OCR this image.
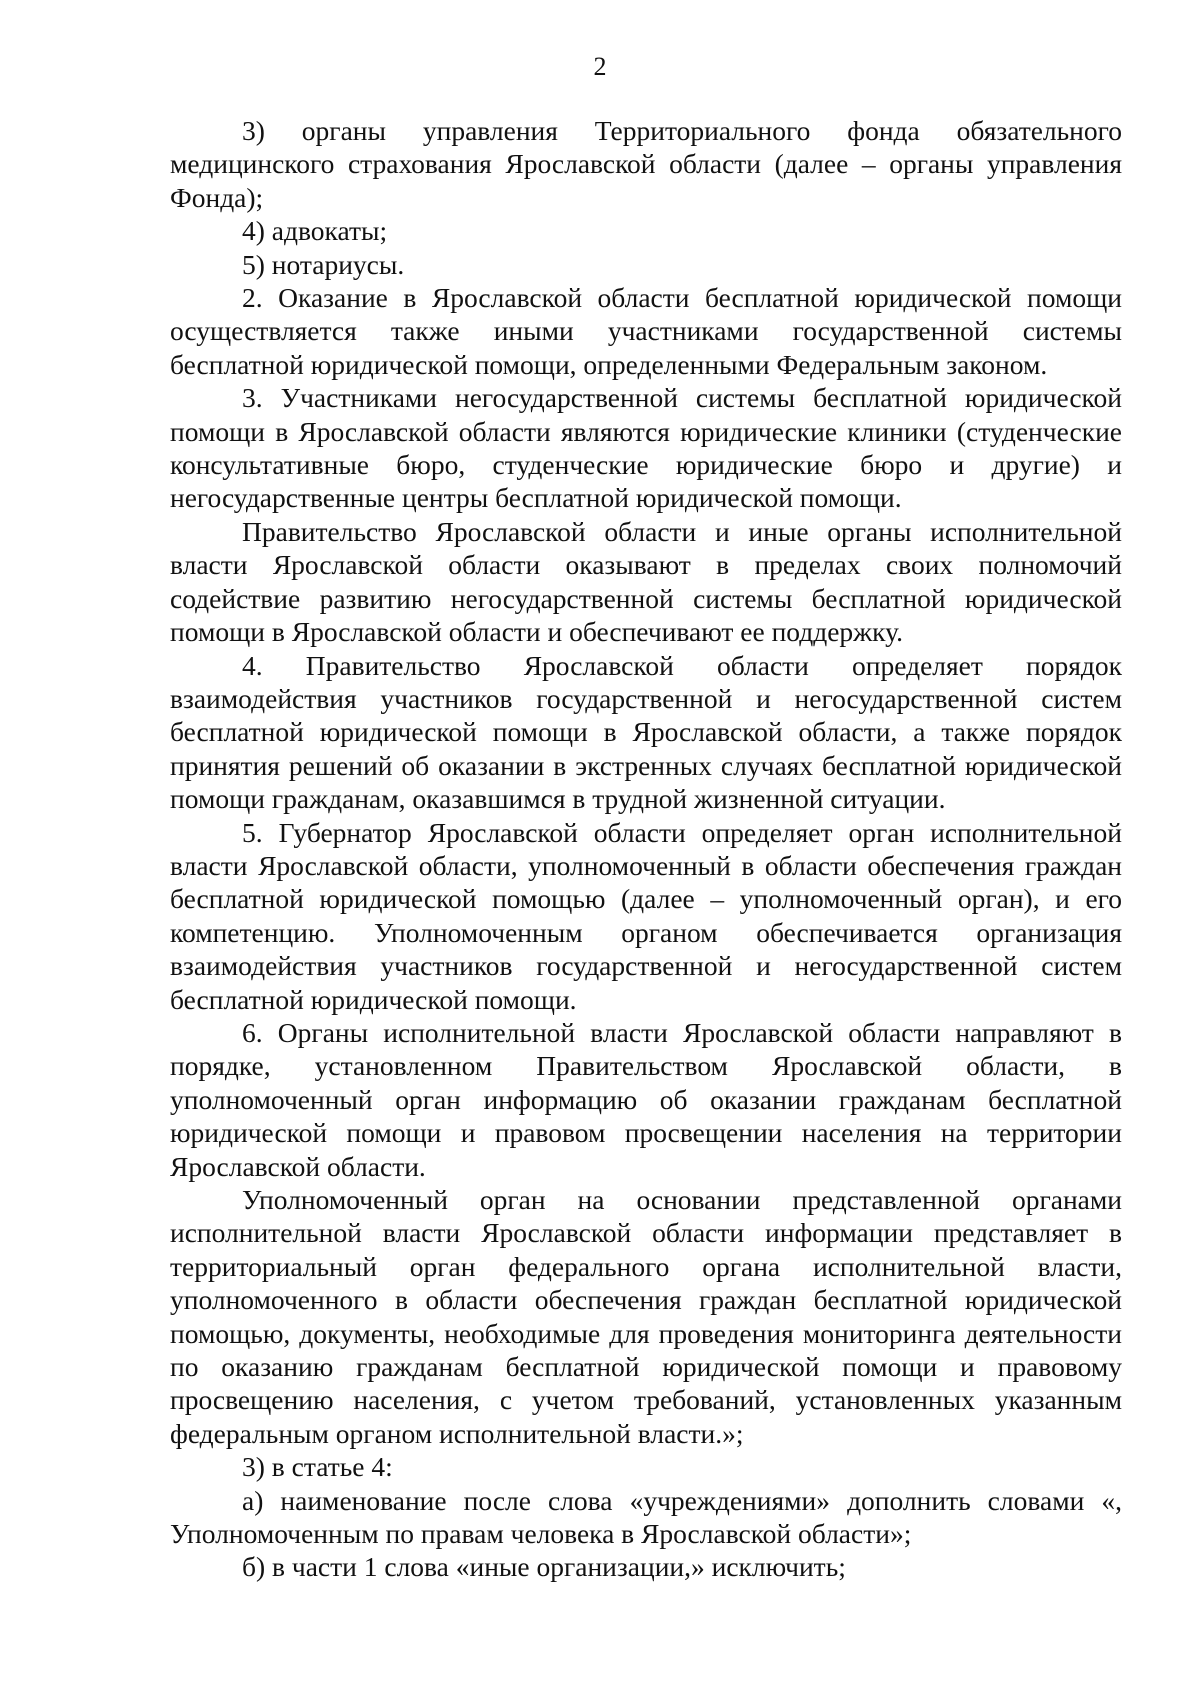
2

3) органы управления Территориального фонда обязательного медицинского страхования Ярославской области (далее – органы управления Фонда);

4) адвокаты;

5) нотариусы.

2. Оказание в Ярославской области бесплатной юридической помощи осуществляется также иными участниками государственной системы бесплатной юридической помощи, определенными Федеральным законом.

3. Участниками негосударственной системы бесплатной юридической помощи в Ярославской области являются юридические клиники (студенческие консультативные бюро, студенческие юридические бюро и другие) и негосударственные центры бесплатной юридической помощи.

Правительство Ярославской области и иные органы исполнительной власти Ярославской области оказывают в пределах своих полномочий содействие развитию негосударственной системы бесплатной юридической помощи в Ярославской области и обеспечивают ее поддержку.

4. Правительство Ярославской области определяет порядок взаимодействия участников государственной и негосударственной систем бесплатной юридической помощи в Ярославской области, а также порядок принятия решений об оказании в экстренных случаях бесплатной юридической помощи гражданам, оказавшимся в трудной жизненной ситуации.

5. Губернатор Ярославской области определяет орган исполнительной власти Ярославской области, уполномоченный в области обеспечения граждан бесплатной юридической помощью (далее – уполномоченный орган), и его компетенцию. Уполномоченным органом обеспечивается организация взаимодействия участников государственной и негосударственной систем бесплатной юридической помощи.

6. Органы исполнительной власти Ярославской области направляют в порядке, установленном Правительством Ярославской области, в уполномоченный орган информацию об оказании гражданам бесплатной юридической помощи и правовом просвещении населения на территории Ярославской области.

Уполномоченный орган на основании представленной органами исполнительной власти Ярославской области информации представляет в территориальный орган федерального органа исполнительной власти, уполномоченного в области обеспечения граждан бесплатной юридической помощью, документы, необходимые для проведения мониторинга деятельности по оказанию гражданам бесплатной юридической помощи и правовому просвещению населения, с учетом требований, установленных указанным федеральным органом исполнительной власти.»;

3) в статье 4:

а) наименование после слова «учреждениями» дополнить словами «, Уполномоченным по правам человека в Ярославской области»;

б) в части 1 слова «иные организации,» исключить;
